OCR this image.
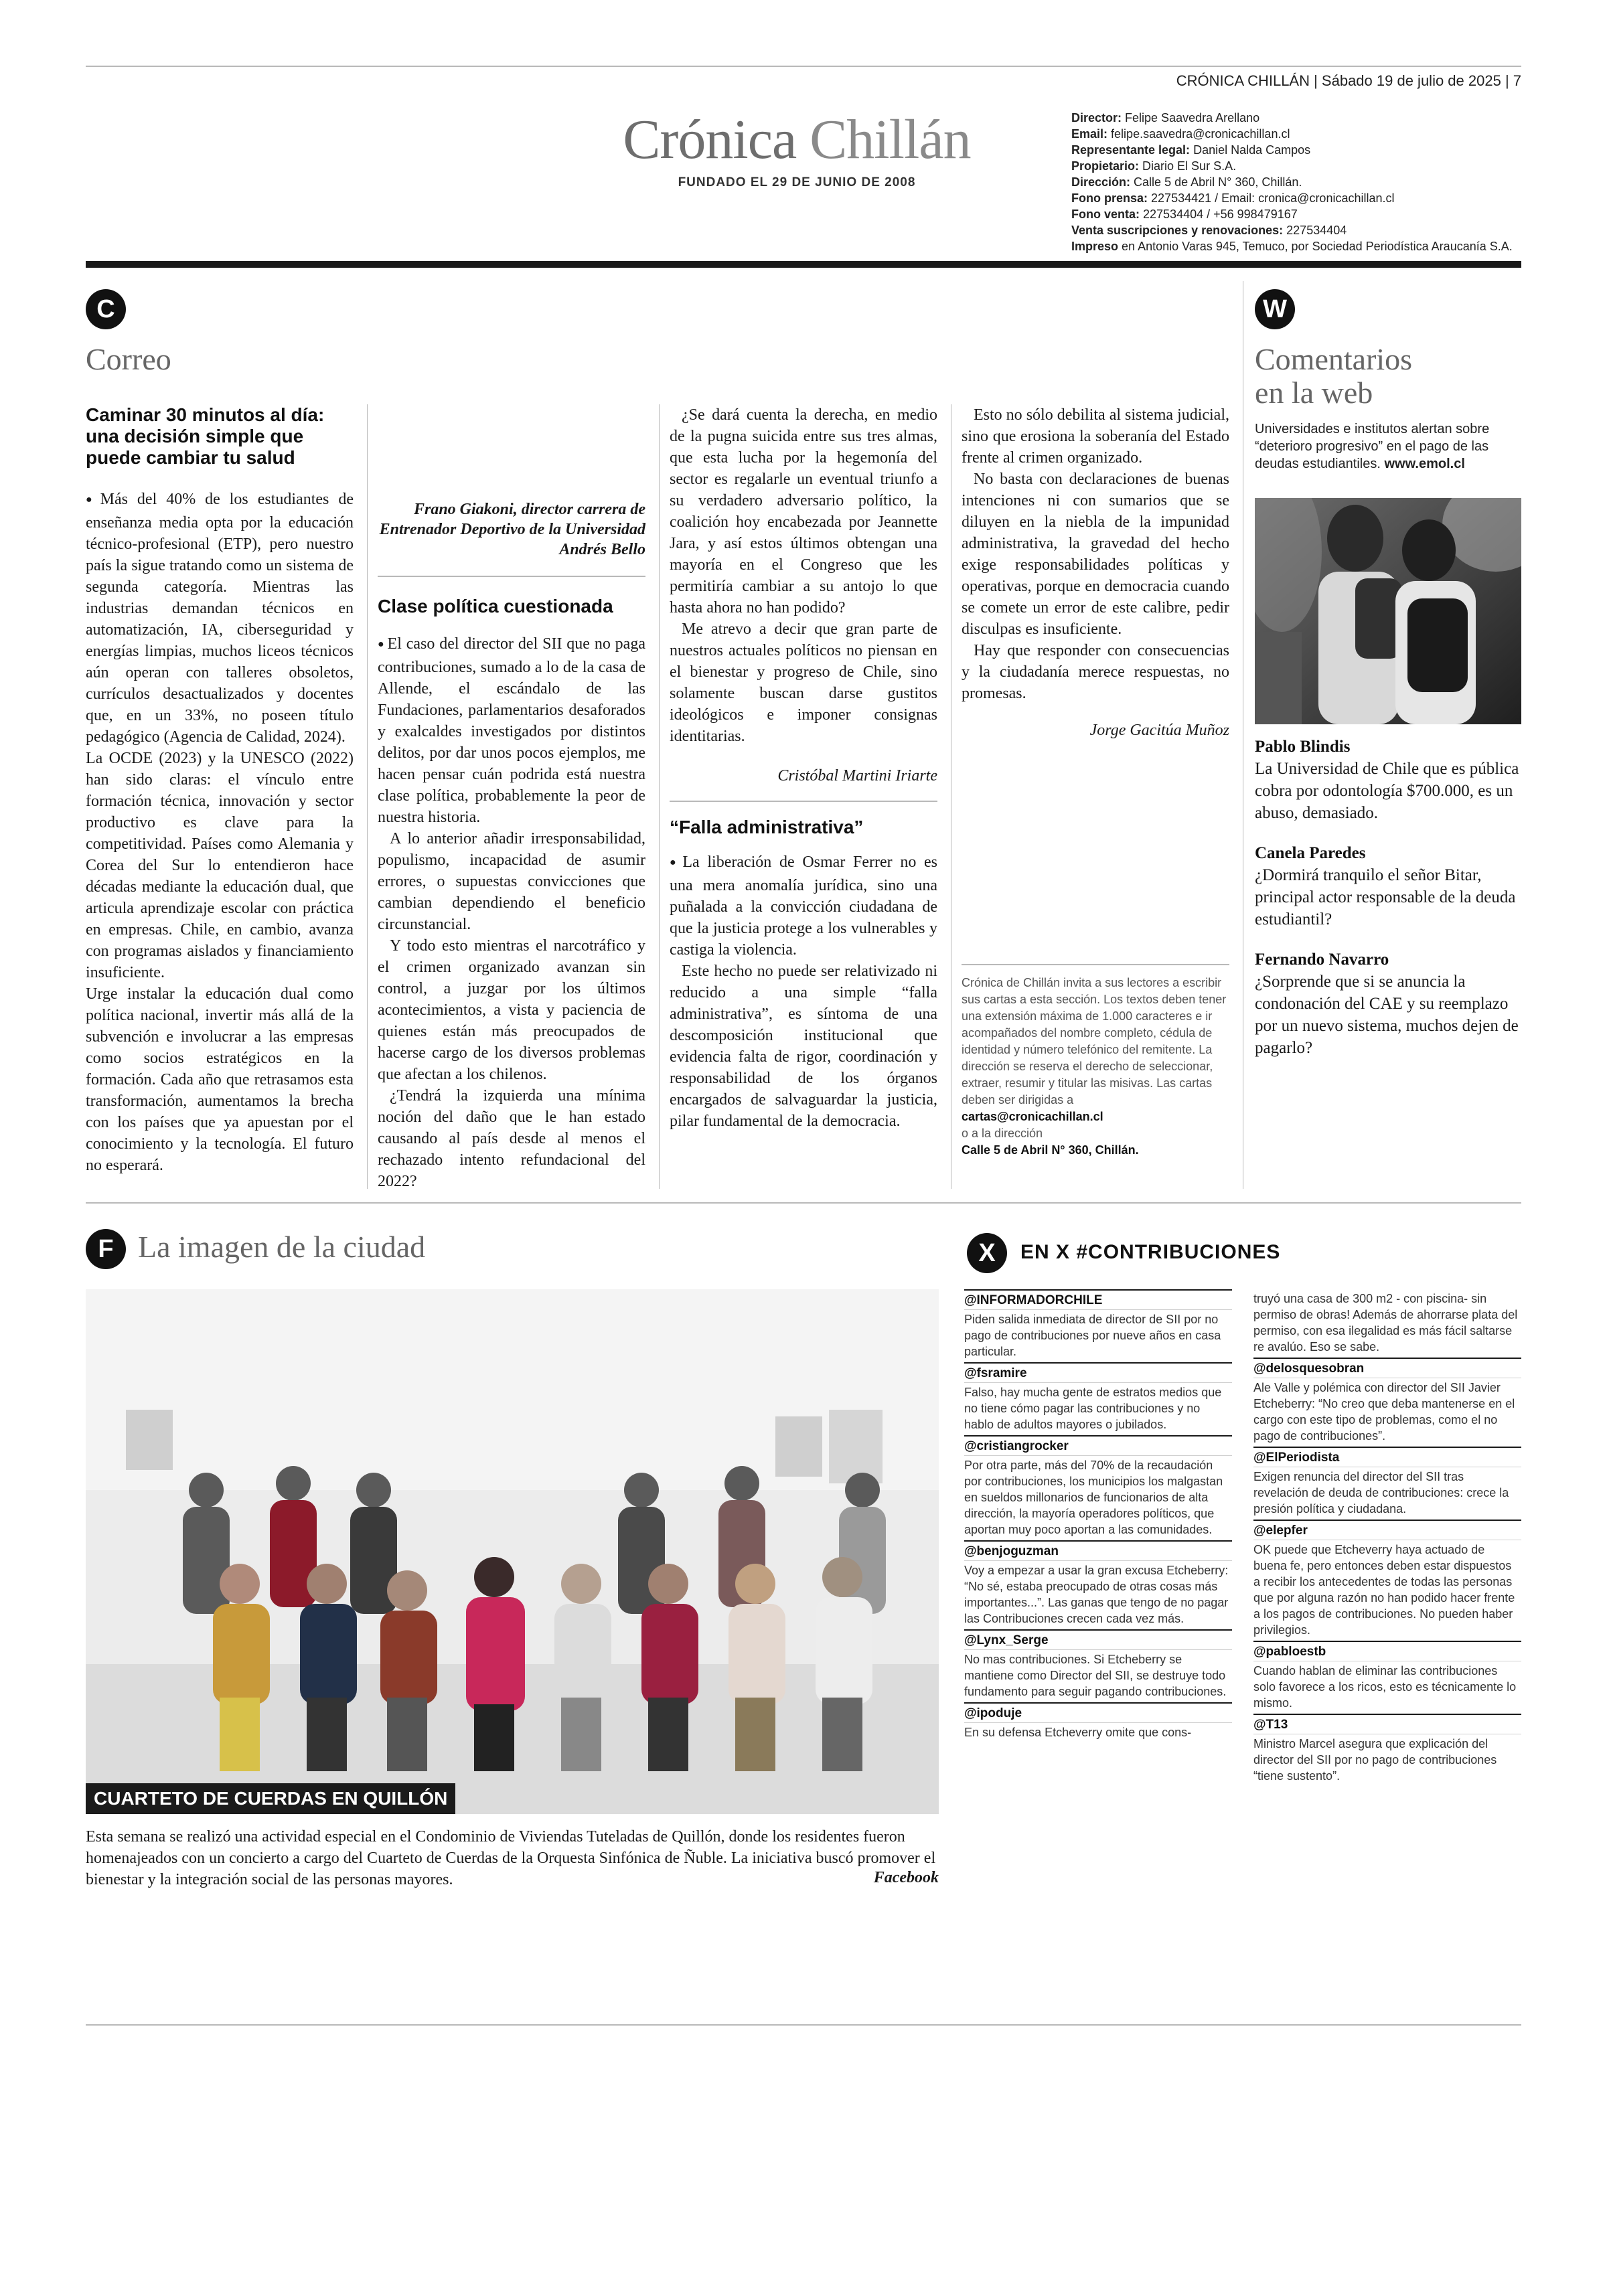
CRÓNICA CHILLÁN | Sábado 19 de julio de 2025 | 7
Crónica Chillán
FUNDADO EL 29 DE JUNIO DE 2008
Director: Felipe Saavedra Arellano
Email: felipe.saavedra@cronicachillan.cl
Representante legal: Daniel Nalda Campos
Propietario: Diario El Sur S.A.
Dirección: Calle 5 de Abril N° 360, Chillán.
Fono prensa: 227534421 / Email: cronica@cronicachillan.cl
Fono venta: 227534404 / +56 998479167
Venta suscripciones y renovaciones: 227534404
Impreso en Antonio Varas 945, Temuco, por Sociedad Periodística Araucanía S.A.
C
Correo
Caminar 30 minutos al día: una decisión simple que puede cambiar tu salud

● Más del 40% de los estudiantes de enseñanza media opta por la educación técnico-profesional (ETP), pero nuestro país la sigue tratando como un sistema de segunda categoría. Mientras las industrias demandan técnicos en automatización, IA, ciberseguridad y energías limpias, muchos liceos técnicos aún operan con talleres obsoletos, currículos desactualizados y docentes que, en un 33%, no poseen título pedagógico (Agencia de Calidad, 2024).

La OCDE (2023) y la UNESCO (2022) han sido claras: el vínculo entre formación técnica, innovación y sector productivo es clave para la competitividad. Países como Alemania y Corea del Sur lo entendieron hace décadas mediante la educación dual, que articula aprendizaje escolar con práctica en empresas. Chile, en cambio, avanza con programas aislados y financiamiento insuficiente.

Urge instalar la educación dual como política nacional, invertir más allá de la subvención e involucrar a las empresas como socios estratégicos en la formación. Cada año que retrasamos esta transformación, aumentamos la brecha con los países que ya apuestan por el conocimiento y la tecnología. El futuro no esperará.

Frano Giakoni, director carrera de Entrenador Deportivo de la Universidad Andrés Bello
Clase política cuestionada

● El caso del director del SII que no paga contribuciones, sumado a lo de la casa de Allende, el escándalo de las Fundaciones, parlamentarios desaforados y exalcaldes investigados por distintos delitos, por dar unos pocos ejemplos, me hacen pensar cuán podrida está nuestra clase política, probablemente la peor de nuestra historia.

A lo anterior añadir irresponsabilidad, populismo, incapacidad de asumir errores, o supuestas convicciones que cambian dependiendo el beneficio circunstancial.

Y todo esto mientras el narcotráfico y el crimen organizado avanzan sin control, a juzgar por los últimos acontecimientos, a vista y paciencia de quienes están más preocupados de hacerse cargo de los diversos problemas que afectan a los chilenos.

¿Tendrá la izquierda una mínima noción del daño que le han estado causando al país desde al menos el rechazado intento refundacional del 2022?

¿Se dará cuenta la derecha, en medio de la pugna suicida entre sus tres almas, que esta lucha por la hegemonía del sector es regalarle un eventual triunfo a su verdadero adversario político, la coalición hoy encabezada por Jeannette Jara, y así estos últimos obtengan una mayoría en el Congreso que les permitiría cambiar a su antojo lo que hasta ahora no han podido?

Me atrevo a decir que gran parte de nuestros actuales políticos no piensan en el bienestar y progreso de Chile, sino solamente buscan darse gustitos ideológicos e imponer consignas identitarias.

Cristóbal Martini Iriarte
“Falla administrativa”

● La liberación de Osmar Ferrer no es una mera anomalía jurídica, sino una puñalada a la convicción ciudadana de que la justicia protege a los vulnerables y castiga la violencia.

Este hecho no puede ser relativizado ni reducido a una simple “falla administrativa”, es síntoma de una descomposición institucional que evidencia falta de rigor, coordinación y responsabilidad de los órganos encargados de salvaguardar la justicia, pilar fundamental de la democracia.

Esto no sólo debilita al sistema judicial, sino que erosiona la soberanía del Estado frente al crimen organizado.

No basta con declaraciones de buenas intenciones ni con sumarios que se diluyen en la niebla de la impunidad administrativa, la gravedad del hecho exige responsabilidades políticas y operativas, porque en democracia cuando se comete un error de este calibre, pedir disculpas es insuficiente.

Hay que responder con consecuencias y la ciudadanía merece respuestas, no promesas.

Jorge Gacitúa Muñoz
Crónica de Chillán invita a sus lectores a escribir sus cartas a esta sección. Los textos deben tener una extensión máxima de 1.000 caracteres e ir acompañados del nombre completo, cédula de identidad y número telefónico del remitente. La dirección se reserva el derecho de seleccionar, extraer, resumir y titular las misivas. Las cartas deben ser dirigidas a
cartas@cronicachillan.cl
o a la dirección
Calle 5 de Abril N° 360, Chillán.
W
Comentarios
en la web
Universidades e institutos alertan sobre “deterioro progresivo” en el pago de las deudas estudiantiles. www.emol.cl
Pablo Blindis
La Universidad de Chile que es pública cobra por odontología $700.000, es un abuso, demasiado.
Canela Paredes
¿Dormirá tranquilo el señor Bitar, principal actor responsable de la deuda estudiantil?
Fernando Navarro
¿Sorprende que si se anuncia la condonación del CAE y su reemplazo por un nuevo sistema, muchos dejen de pagarlo?
F La imagen de la ciudad
CUARTETO DE CUERDAS EN QUILLÓN
Esta semana se realizó una actividad especial en el Condominio de Viviendas Tuteladas de Quillón, donde los residentes fueron homenajeados con un concierto a cargo del Cuarteto de Cuerdas de la Orquesta Sinfónica de Ñuble. La iniciativa buscó promover el bienestar y la integración social de las personas mayores.	Facebook
X	EN X #CONTRIBUCIONES
@INFORMADORCHILE
Piden salida inmediata de director de SII por no pago de contribuciones por nueve años en casa particular.
@fsramire
Falso, hay mucha gente de estratos medios que no tiene cómo pagar las contribuciones y no hablo de adultos mayores o jubilados.
@cristiangrocker
Por otra parte, más del 70% de la recaudación por contribuciones, los municipios los malgastan en sueldos millonarios de funcionarios de alta dirección, la mayoría operadores políticos, que aportan muy poco aportan a las comunidades.
@benjoguzman
Voy a empezar a usar la gran excusa Etcheberry: “No sé, estaba preocupado de otras cosas más importantes...”. Las ganas que tengo de no pagar las Contribuciones crecen cada vez más.
@Lynx_Serge
No mas contribuciones. Si Etcheberry se mantiene como Director del SII, se destruye todo fundamento para seguir pagando contribuciones.
@ipoduje
En su defensa Etcheverry omite que cons-
truyó una casa de 300 m2 - con piscina- sin permiso de obras! Además de ahorrarse plata del permiso, con esa ilegalidad es más fácil saltarse re avalúo. Eso se sabe.
@delosquesobran
Ale Valle y polémica con director del SII Javier Etcheberry: “No creo que deba mantenerse en el cargo con este tipo de problemas, como el no pago de contribuciones”.
@ElPeriodista
Exigen renuncia del director del SII tras revelación de deuda de contribuciones: crece la presión política y ciudadana.
@elepfer
OK puede que Etcheverry haya actuado de buena fe, pero entonces deben estar dispuestos a recibir los antecedentes de todas las personas que por alguna razón no han podido hacer frente a los pagos de contribuciones. No pueden haber privilegios.
@pabloestb
Cuando hablan de eliminar las contribuciones solo favorece a los ricos, esto es técnicamente lo mismo.
@T13
Ministro Marcel asegura que explicación del director del SII por no pago de contribuciones “tiene sustento”.
